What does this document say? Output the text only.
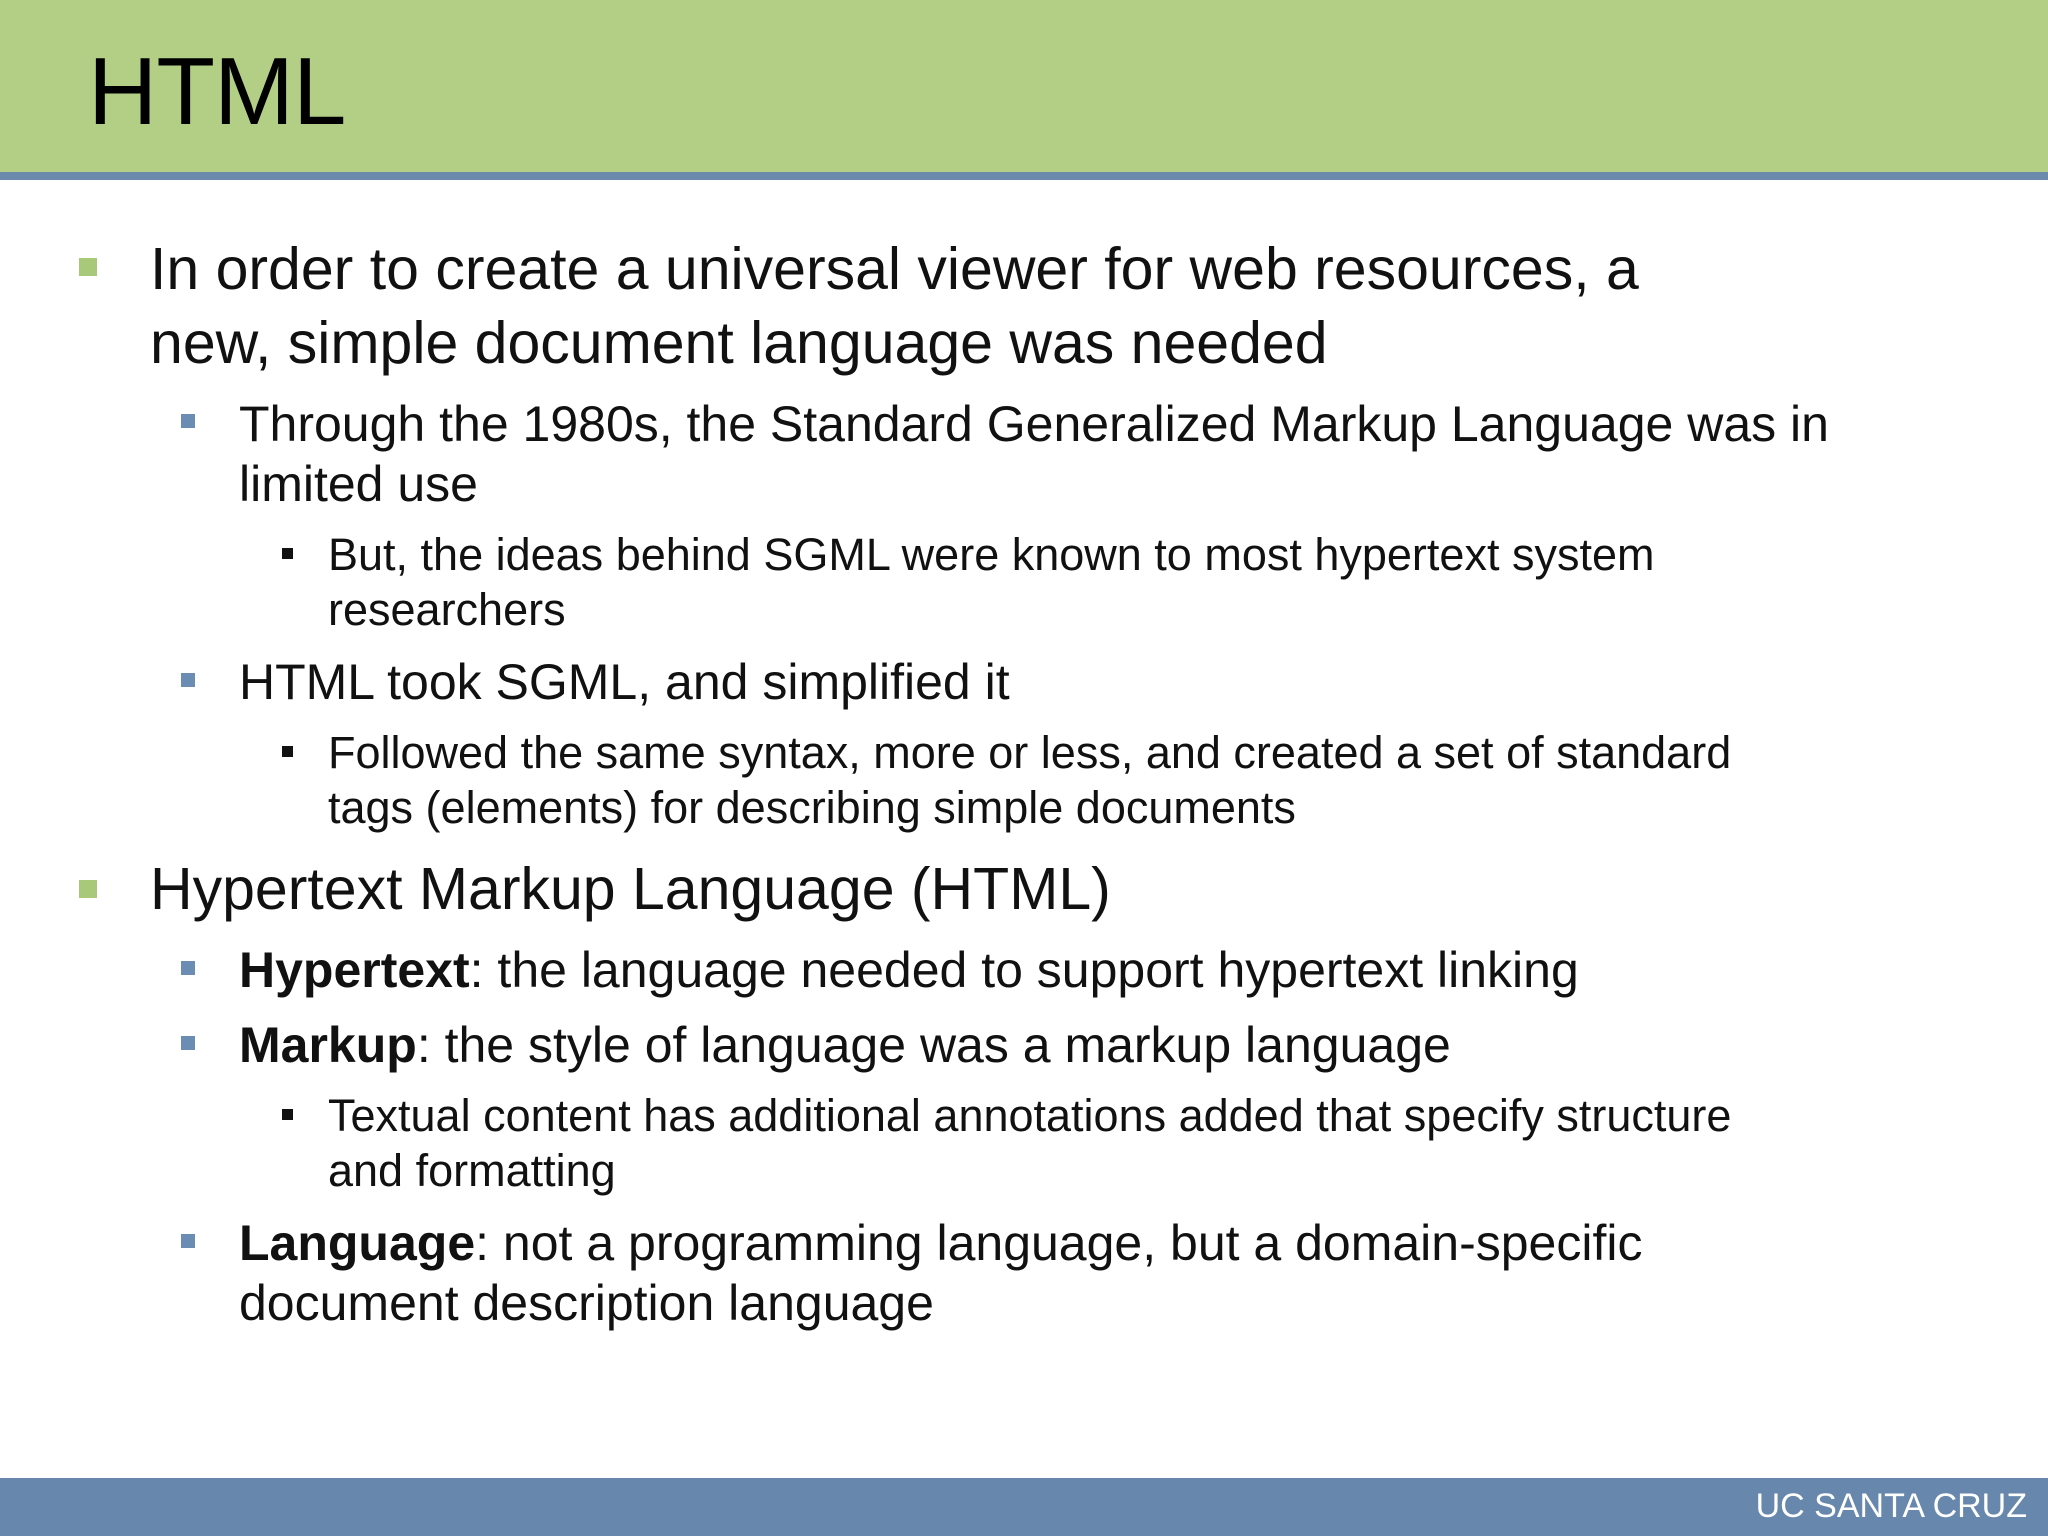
HTML
In order to create a universal viewer for web resources, a
new, simple document language was needed
Through the 1980s, the Standard Generalized Markup Language was in
limited use
But, the ideas behind SGML were known to most hypertext system
researchers
HTML took SGML, and simplified it
Followed the same syntax, more or less, and created a set of standard
tags (elements) for describing simple documents
Hypertext Markup Language (HTML)
Hypertext: the language needed to support hypertext linking
Markup: the style of language was a markup language
Textual content has additional annotations added that specify structure
and formatting
Language: not a programming language, but a domain-specific
document description language
UC SANTA CRUZ
